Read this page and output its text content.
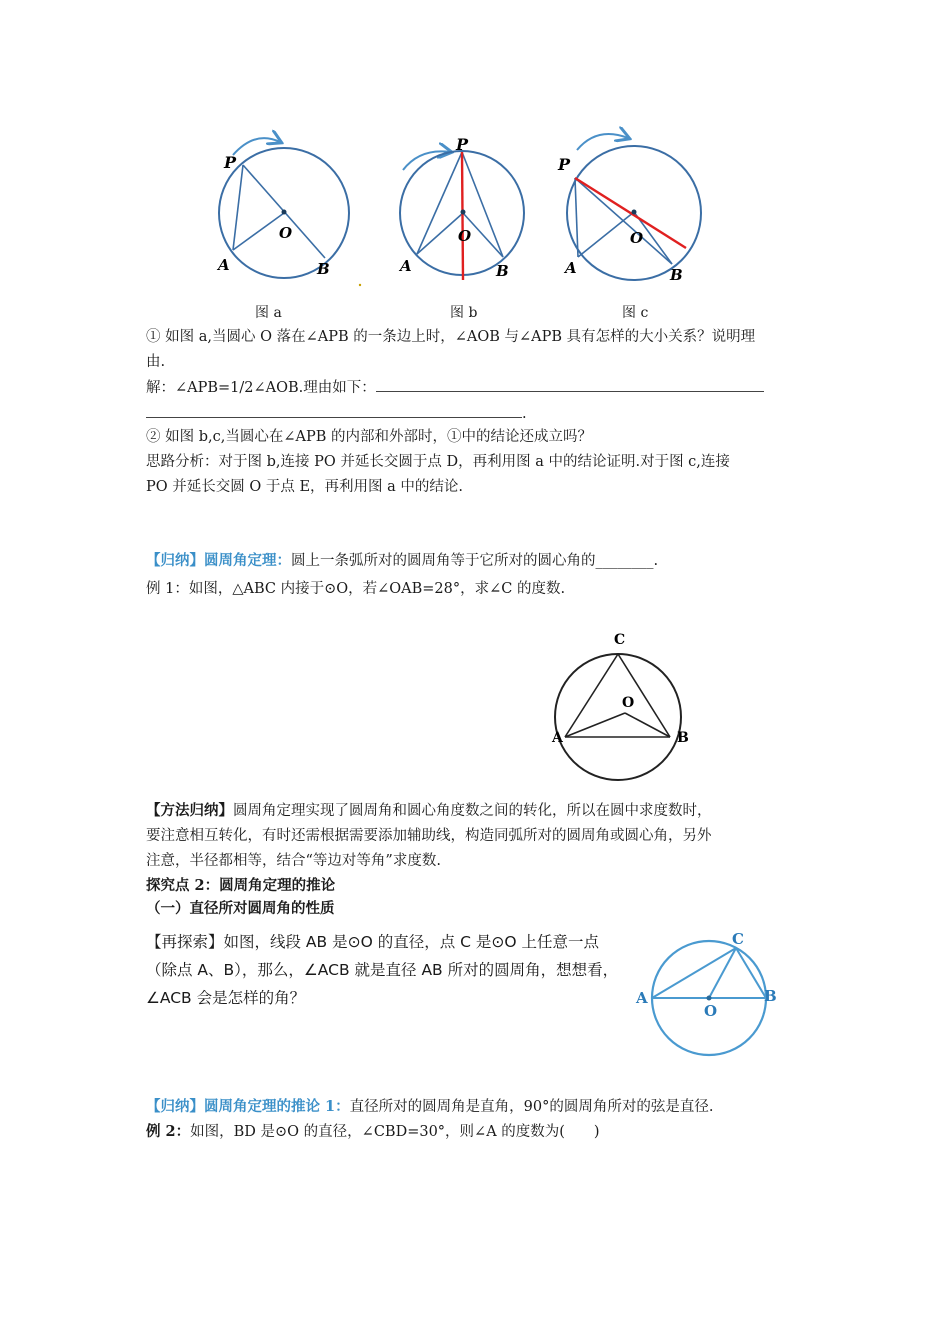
P
O
A	B
P
O
A	B
P
O
A	B
图 a	图 b	图 c
① 如图 a,当圆心 O 落在∠APB 的一条边上时，∠AOB 与∠APB 具有怎样的大小关系？说明理
由.
解：∠APB=1/2∠AOB.理由如下：
.
② 如图 b,c,当圆心在∠APB 的内部和外部时，①中的结论还成立吗？
思路分析：对于图 b,连接 PO 并延长交圆于点 D，再利用图 a 中的结论证明.对于图 c,连接
PO 并延长交圆 O 于点 E，再利用图 a 中的结论.
【归纳】圆周角定理：圆上一条弧所对的圆周角等于它所对的圆心角的________.
例 1：如图，△ABC 内接于⊙O，若∠OAB=28°，求∠C 的度数.
C
O
A	B
【方法归纳】圆周角定理实现了圆周角和圆心角度数之间的转化，所以在圆中求度数时，
要注意相互转化，有时还需根据需要添加辅助线，构造同弧所对的圆周角或圆心角，另外
注意，半径都相等，结合“等边对等角”求度数.
探究点 2：圆周角定理的推论
（一）直径所对圆周角的性质
【再探索】如图，线段 AB 是⊙O 的直径，点 C 是⊙O 上任意一点
（除点 A、B），那么，∠ACB 就是直径 AB 所对的圆周角，想想看，
∠ACB 会是怎样的角？
C
A
O
B
【归纳】圆周角定理的推论 1：直径所对的圆周角是直角，90°的圆周角所对的弦是直径.
例 2：如图，BD 是⊙O 的直径，∠CBD=30°，则∠A 的度数为(　　)
